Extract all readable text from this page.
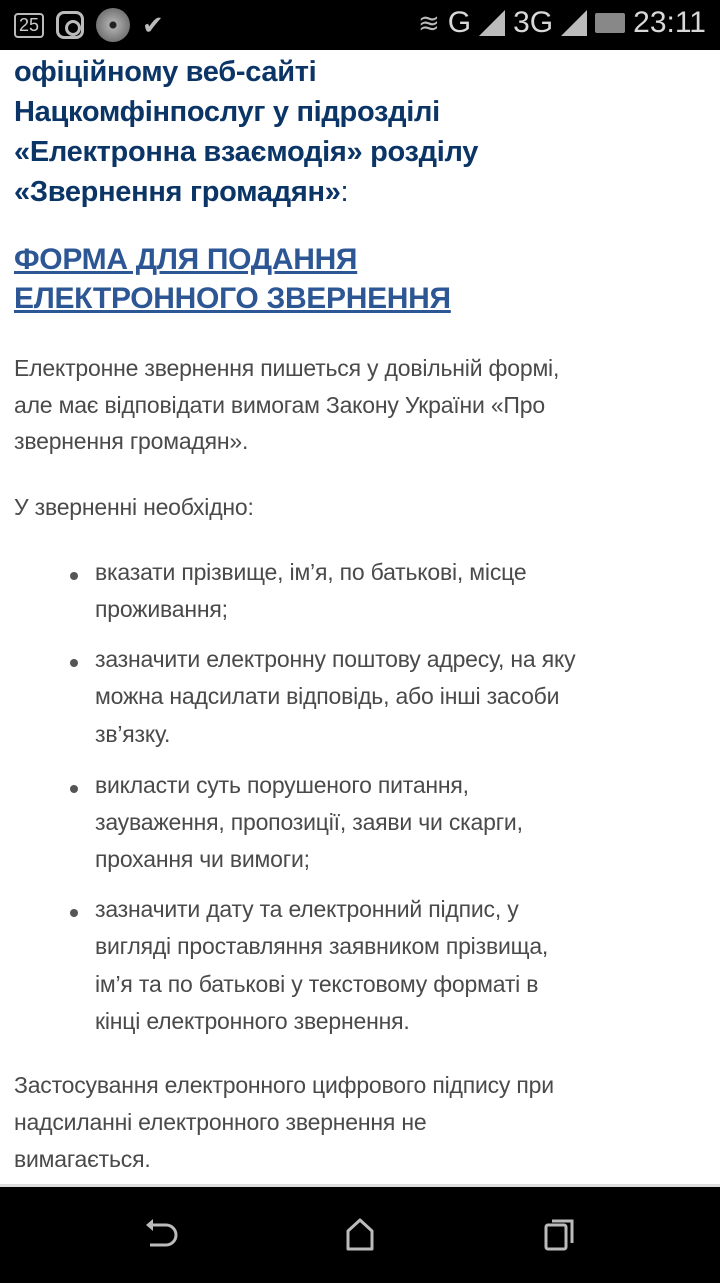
25	✔	≋ G 3G	23:11
офіційному веб-сайті
Нацкомфінпослуг у підрозділі
«Електронна взаємодія» розділу
«Звернення громадян»:
ФОРМА ДЛЯ ПОДАННЯ
ЕЛЕКТРОННОГО ЗВЕРНЕННЯ
Електронне звернення пишеться у довільній формі,
але має відповідати вимогам Закону України «Про
звернення громадян».
У зверненні необхідно:
вказати прізвище, ім’я, по батькові, місце
проживання;
зазначити електронну поштову адресу, на яку
можна надсилати відповідь, або інші засоби
зв’язку.
викласти суть порушеного питання,
зауваження, пропозиції, заяви чи скарги,
прохання чи вимоги;
зазначити дату та електронний підпис, у
вигляді проставляння заявником прізвища,
ім’я та по батькові у текстовому форматі в
кінці електронного звернення.
Застосування електронного цифрового підпису при
надсиланні електронного звернення не
вимагається.
